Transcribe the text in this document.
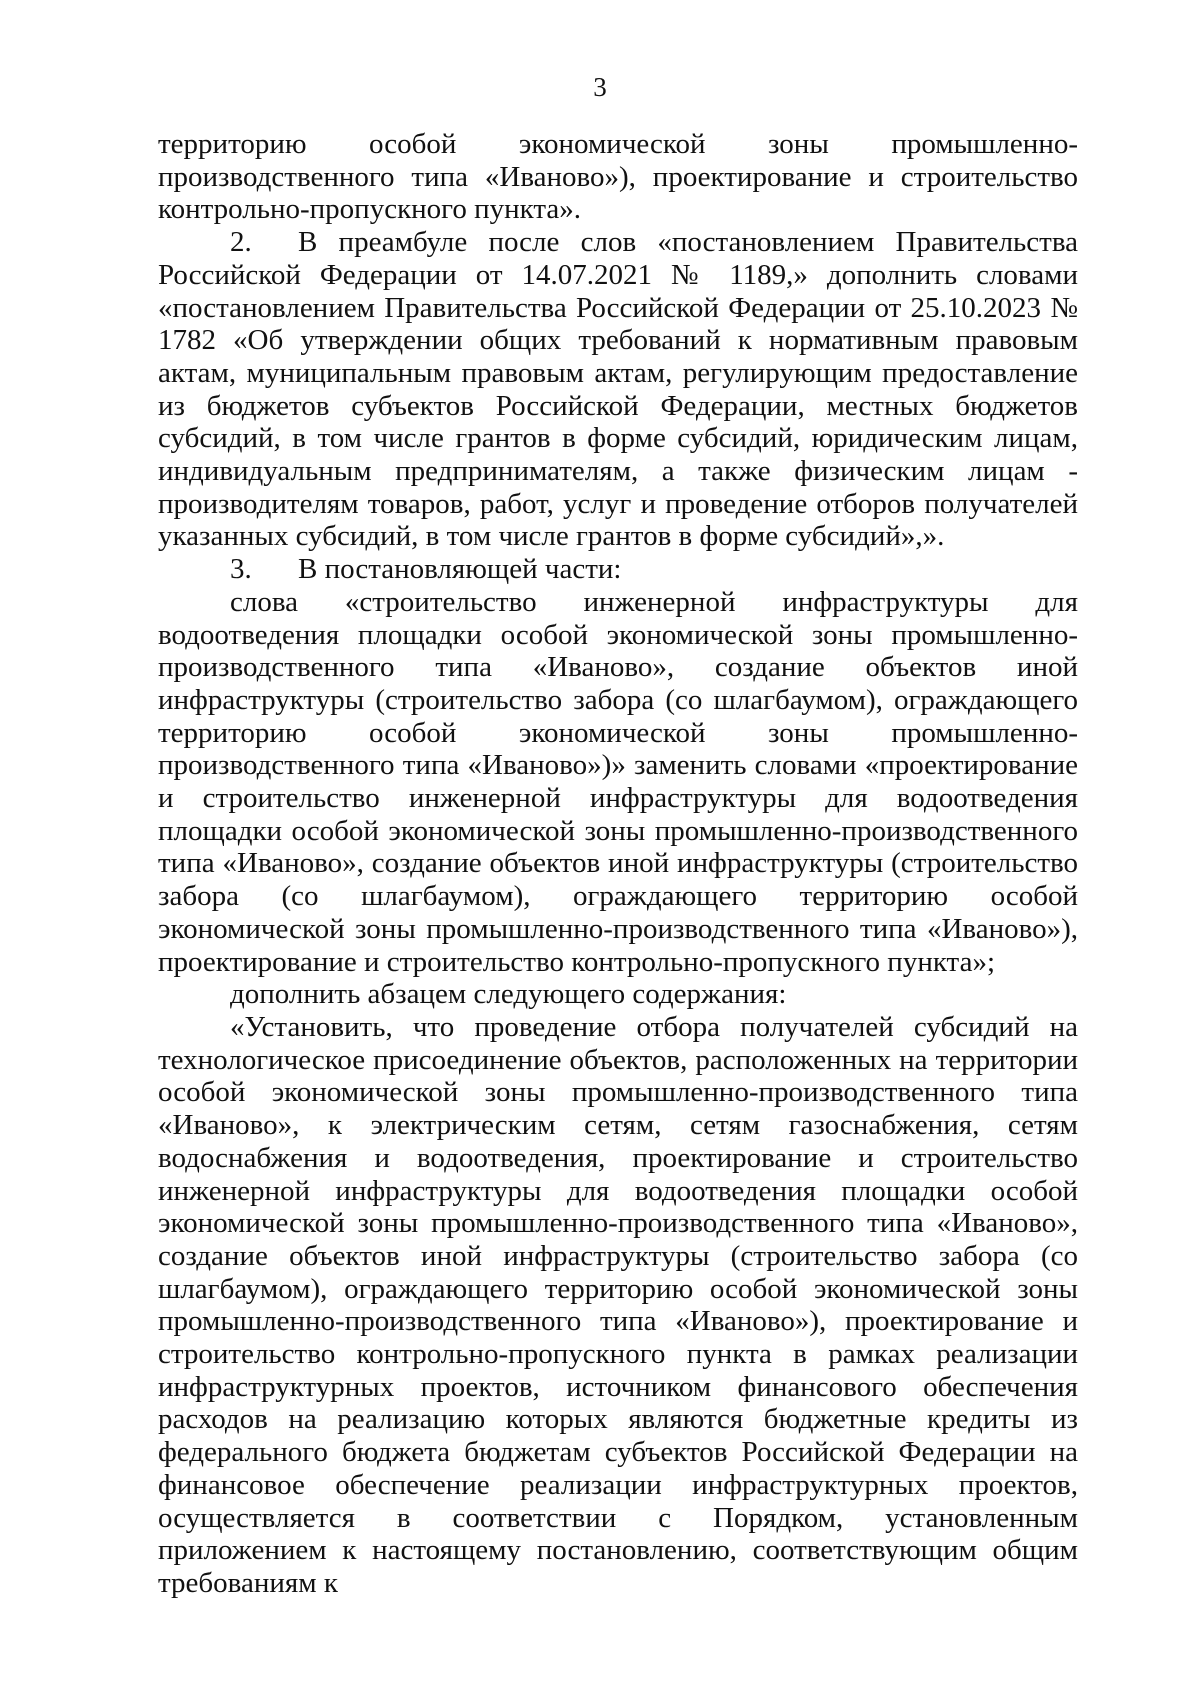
3

территорию особой экономической зоны промышленно-производственного типа «Иваново»), проектирование и строительство контрольно-пропускного пункта».

2. В преамбуле после слов «постановлением Правительства Российской Федерации от 14.07.2021 № 1189,» дополнить словами «постановлением Правительства Российской Федерации от 25.10.2023 № 1782 «Об утверждении общих требований к нормативным правовым актам, муниципальным правовым актам, регулирующим предоставление из бюджетов субъектов Российской Федерации, местных бюджетов субсидий, в том числе грантов в форме субсидий, юридическим лицам, индивидуальным предпринимателям, а также физическим лицам - производителям товаров, работ, услуг и проведение отборов получателей указанных субсидий, в том числе грантов в форме субсидий»,».

3. В постановляющей части:

слова «строительство инженерной инфраструктуры для водоотведения площадки особой экономической зоны промышленно-производственного типа «Иваново», создание объектов иной инфраструктуры (строительство забора (со шлагбаумом), ограждающего территорию особой экономической зоны промышленно-производственного типа «Иваново»)» заменить словами «проектирование и строительство инженерной инфраструктуры для водоотведения площадки особой экономической зоны промышленно-производственного типа «Иваново», создание объектов иной инфраструктуры (строительство забора (со шлагбаумом), ограждающего территорию особой экономической зоны промышленно-производственного типа «Иваново»), проектирование и строительство контрольно-пропускного пункта»;

дополнить абзацем следующего содержания:

«Установить, что проведение отбора получателей субсидий на технологическое присоединение объектов, расположенных на территории особой экономической зоны промышленно-производственного типа «Иваново», к электрическим сетям, сетям газоснабжения, сетям водоснабжения и водоотведения, проектирование и строительство инженерной инфраструктуры для водоотведения площадки особой экономической зоны промышленно-производственного типа «Иваново», создание объектов иной инфраструктуры (строительство забора (со шлагбаумом), ограждающего территорию особой экономической зоны промышленно-производственного типа «Иваново»), проектирование и строительство контрольно-пропускного пункта в рамках реализации инфраструктурных проектов, источником финансового обеспечения расходов на реализацию которых являются бюджетные кредиты из федерального бюджета бюджетам субъектов Российской Федерации на финансовое обеспечение реализации инфраструктурных проектов, осуществляется в соответствии с Порядком, установленным приложением к настоящему постановлению, соответствующим общим требованиям к
